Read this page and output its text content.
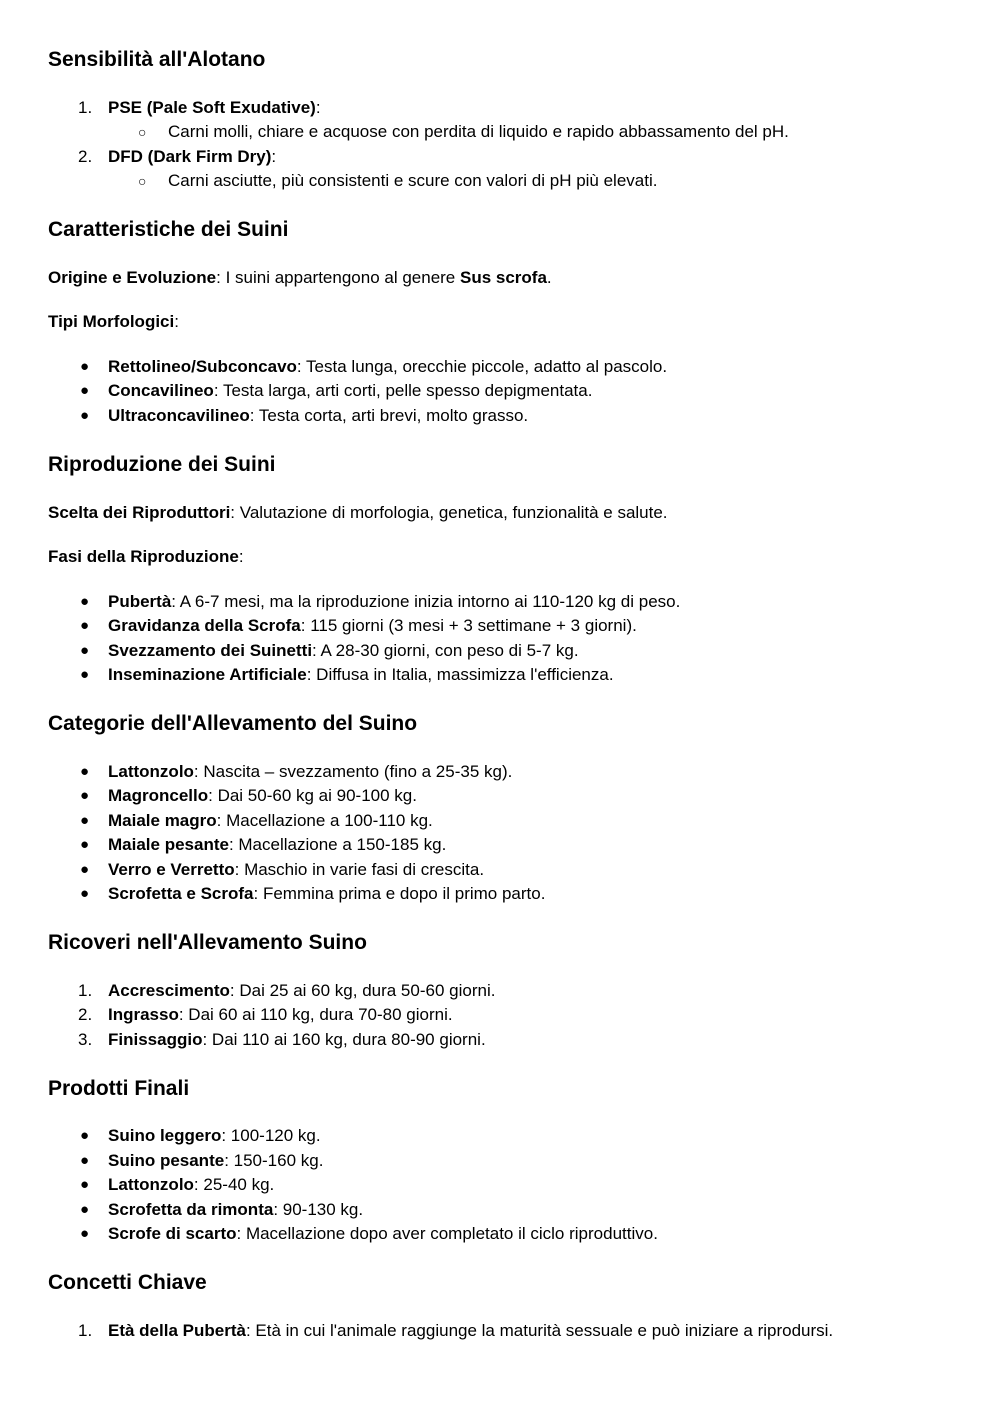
Sensibilità all'Alotano
1. PSE (Pale Soft Exudative):
○ Carni molli, chiare e acquose con perdita di liquido e rapido abbassamento del pH.
2. DFD (Dark Firm Dry):
○ Carni asciutte, più consistenti e scure con valori di pH più elevati.
Caratteristiche dei Suini
Origine e Evoluzione: I suini appartengono al genere Sus scrofa.
Tipi Morfologici:
●	Rettolineo/Subconcavo: Testa lunga, orecchie piccole, adatto al pascolo.
●	Concavilineo: Testa larga, arti corti, pelle spesso depigmentata.
●	Ultraconcavilineo: Testa corta, arti brevi, molto grasso.
Riproduzione dei Suini
Scelta dei Riproduttori: Valutazione di morfologia, genetica, funzionalità e salute.
Fasi della Riproduzione:
●	Pubertà: A 6-7 mesi, ma la riproduzione inizia intorno ai 110-120 kg di peso.
●	Gravidanza della Scrofa: 115 giorni (3 mesi + 3 settimane + 3 giorni).
●	Svezzamento dei Suinetti: A 28-30 giorni, con peso di 5-7 kg.
●	Inseminazione Artificiale: Diffusa in Italia, massimizza l'efficienza.
Categorie dell'Allevamento del Suino
●	Lattonzolo: Nascita – svezzamento (fino a 25-35 kg).
●	Magroncello: Dai 50-60 kg ai 90-100 kg.
●	Maiale magro: Macellazione a 100-110 kg.
●	Maiale pesante: Macellazione a 150-185 kg.
●	Verro e Verretto: Maschio in varie fasi di crescita.
●	Scrofetta e Scrofa: Femmina prima e dopo il primo parto.
Ricoveri nell'Allevamento Suino
1. Accrescimento: Dai 25 ai 60 kg, dura 50-60 giorni.
2. Ingrasso: Dai 60 ai 110 kg, dura 70-80 giorni.
3. Finissaggio: Dai 110 ai 160 kg, dura 80-90 giorni.
Prodotti Finali
●	Suino leggero: 100-120 kg.
●	Suino pesante: 150-160 kg.
●	Lattonzolo: 25-40 kg.
●	Scrofetta da rimonta: 90-130 kg.
●	Scrofe di scarto: Macellazione dopo aver completato il ciclo riproduttivo.
Concetti Chiave
1. Età della Pubertà: Età in cui l'animale raggiunge la maturità sessuale e può iniziare a riprodursi.
